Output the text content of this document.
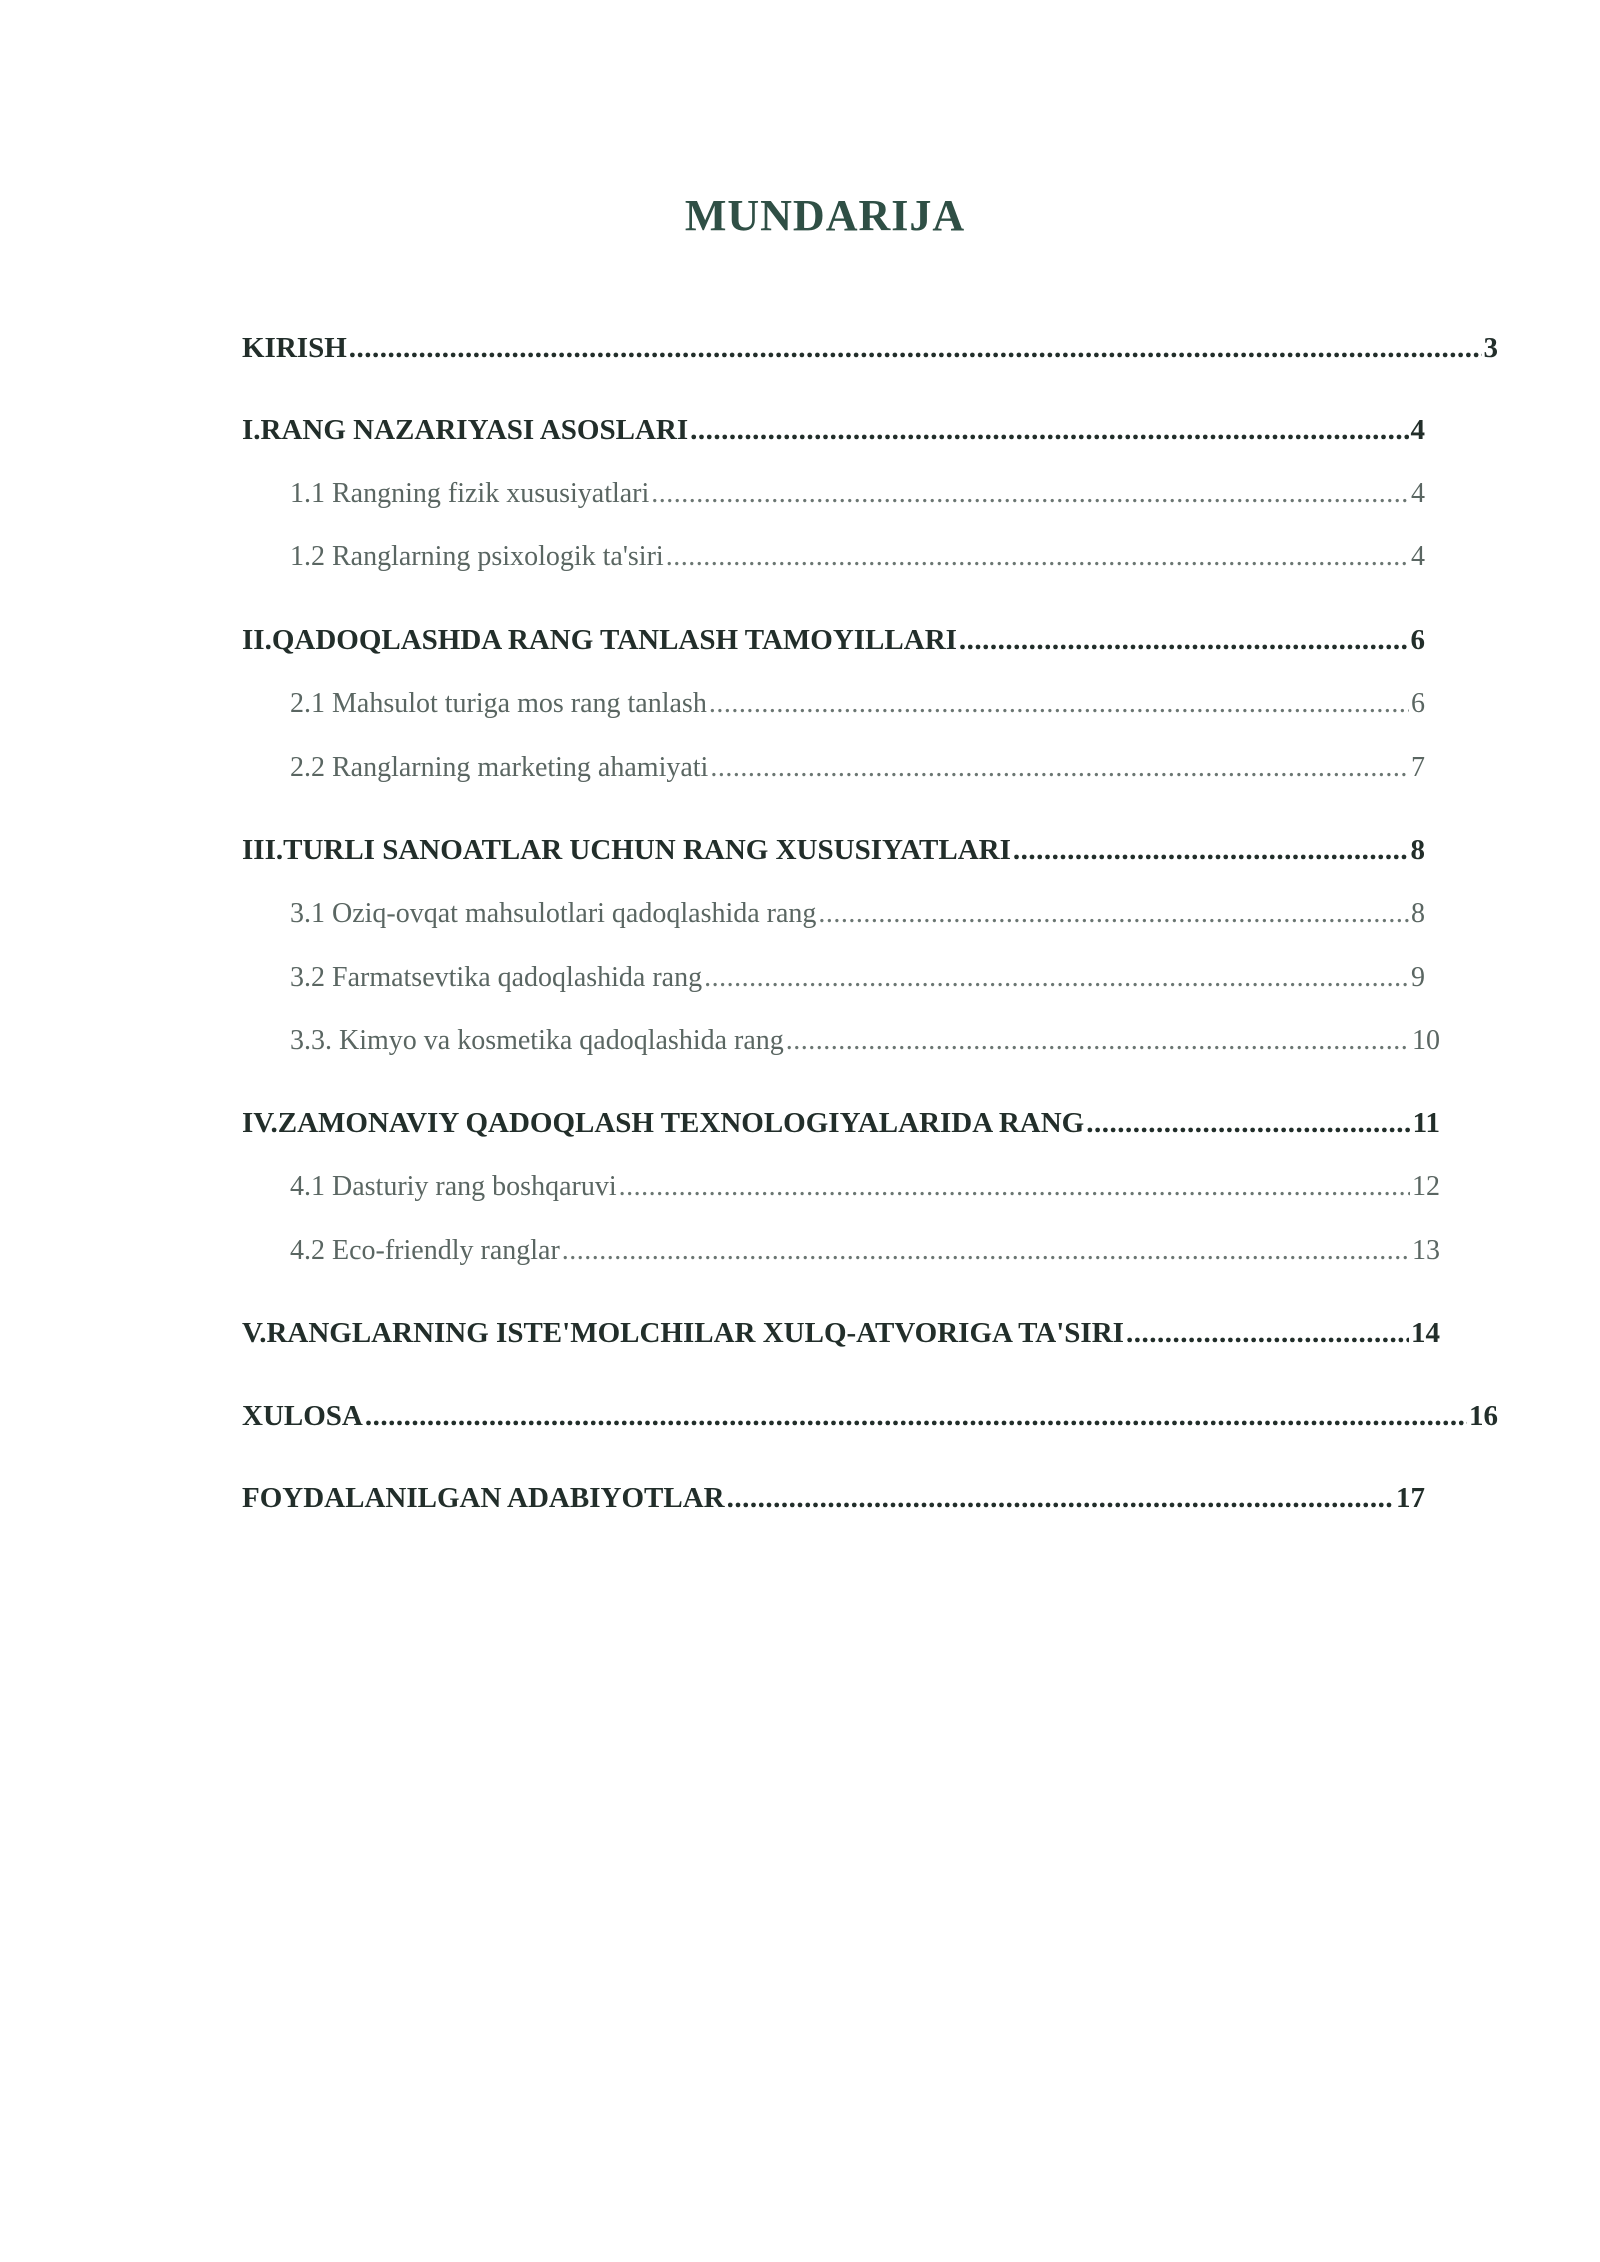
MUNDARIJA
KIRISH .....	3
I.RANG NAZARIYASI ASOSLARI .....	4
1.1 Rangning fizik xususiyatlari .....	4
1.2 Ranglarning psixologik ta'siri .....	4
II.QADOQLASHDA RANG TANLASH TAMOYILLARI .....	6
2.1 Mahsulot turiga mos rang tanlash .....	6
2.2 Ranglarning marketing ahamiyati .....	7
III.TURLI SANOATLAR UCHUN RANG XUSUSIYATLARI .....	8
3.1 Oziq-ovqat mahsulotlari qadoqlashida rang .....	8
3.2 Farmatsevtika qadoqlashida rang .....	9
3.3. Kimyo va kosmetika qadoqlashida rang .....	10
IV.ZAMONAVIY QADOQLASH TEXNOLOGIYALARIDA RANG .....	11
4.1 Dasturiy rang boshqaruvi .....	12
4.2 Eco-friendly ranglar .....	13
V.RANGLARNING ISTE'MOLCHILAR XULQ-ATVORIGA TA'SIRI .....	14
XULOSA .....	16
FOYDALANILGAN ADABIYOTLAR .....	17
